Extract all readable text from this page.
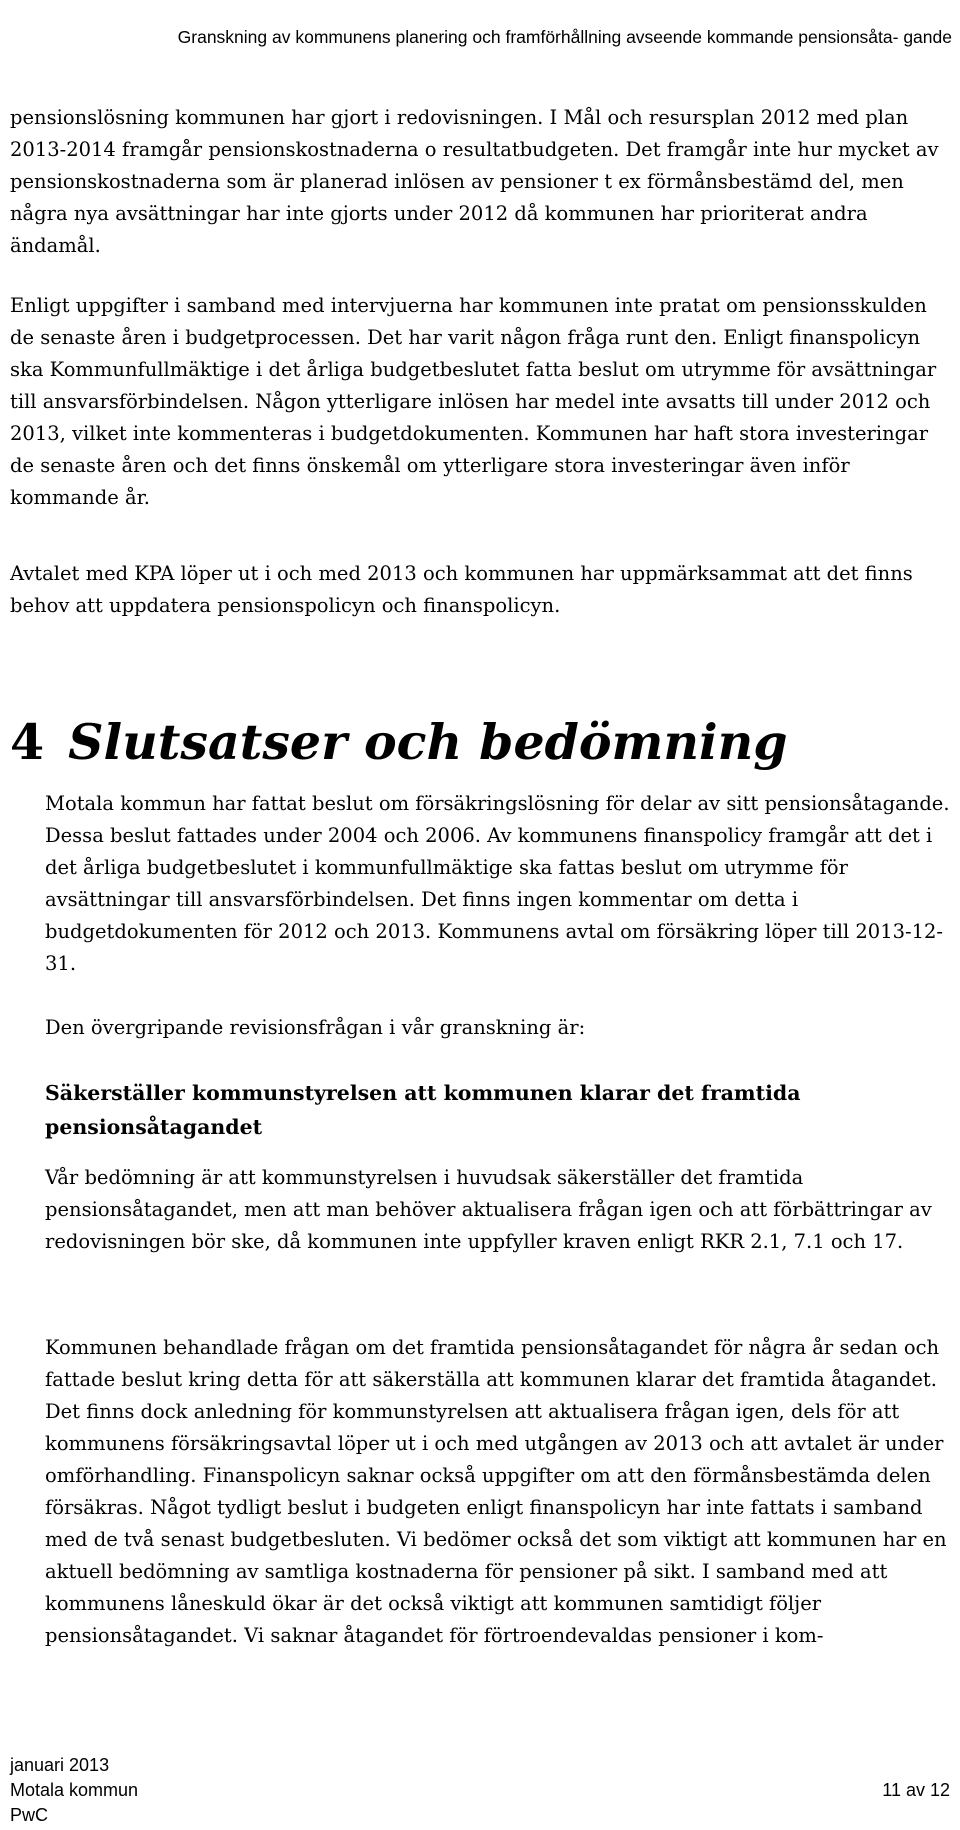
Granskning av kommunens planering och framförhållning avseende kommande pensionsåta- gande

pensionslösning kommunen har gjort i redovisningen. I Mål och resursplan 2012 med plan 2013-2014 framgår pensionskostnaderna o resultatbudgeten. Det framgår inte hur mycket av pensionskostnaderna som är planerad inlösen av pensioner t ex förmånsbestämd del, men några nya avsättningar har inte gjorts under 2012 då kommunen har prioriterat andra ändamål.

Enligt uppgifter i samband med intervjuerna har kommunen inte pratat om pensionsskulden de senaste åren i budgetprocessen. Det har varit någon fråga runt den. Enligt finanspolicyn ska Kommunfullmäktige i det årliga budgetbeslutet fatta beslut om utrymme för avsättningar till ansvarsförbindelsen. Någon ytterligare inlösen har medel inte avsatts till under 2012 och 2013, vilket inte kommenteras i budgetdokumenten. Kommunen har haft stora investeringar de senaste åren och det finns önskemål om ytterligare stora investeringar även inför kommande år.

Avtalet med KPA löper ut i och med 2013 och kommunen har uppmärksammat att det finns behov att uppdatera pensionspolicyn och finanspolicyn.

4 Slutsatser och bedömning

Motala kommun har fattat beslut om försäkringslösning för delar av sitt pensionsåtagande. Dessa beslut fattades under 2004 och 2006. Av kommunens finanspolicy framgår att det i det årliga budgetbeslutet i kommunfullmäktige ska fattas beslut om utrymme för avsättningar till ansvarsförbindelsen. Det finns ingen kommentar om detta i budgetdokumenten för 2012 och 2013. Kommunens avtal om försäkring löper till 2013-12-31.

Den övergripande revisionsfrågan i vår granskning är:

Säkerställer kommunstyrelsen att kommunen klarar det framtida pensionsåtagandet

Vår bedömning är att kommunstyrelsen i huvudsak säkerställer det framtida pensionsåtagandet, men att man behöver aktualisera frågan igen och att förbättringar av redovisningen bör ske, då kommunen inte uppfyller kraven enligt RKR 2.1, 7.1 och 17.

Kommunen behandlade frågan om det framtida pensionsåtagandet för några år sedan och fattade beslut kring detta för att säkerställa att kommunen klarar det framtida åtagandet. Det finns dock anledning för kommunstyrelsen att aktualisera frågan igen, dels för att kommunens försäkringsavtal löper ut i och med utgången av 2013 och att avtalet är under omförhandling. Finanspolicyn saknar också uppgifter om att den förmånsbestämda delen försäkras. Något tydligt beslut i budgeten enligt finanspolicyn har inte fattats i samband med de två senast budgetbesluten. Vi bedömer också det som viktigt att kommunen har en aktuell bedömning av samtliga kostnaderna för pensioner på sikt. I samband med att kommunens låneskuld ökar är det också viktigt att kommunen samtidigt följer pensionsåtagandet. Vi saknar åtagandet för förtroendevaldas pensioner i kom-

januari 2013
Motala kommun
PwC
11 av 12
